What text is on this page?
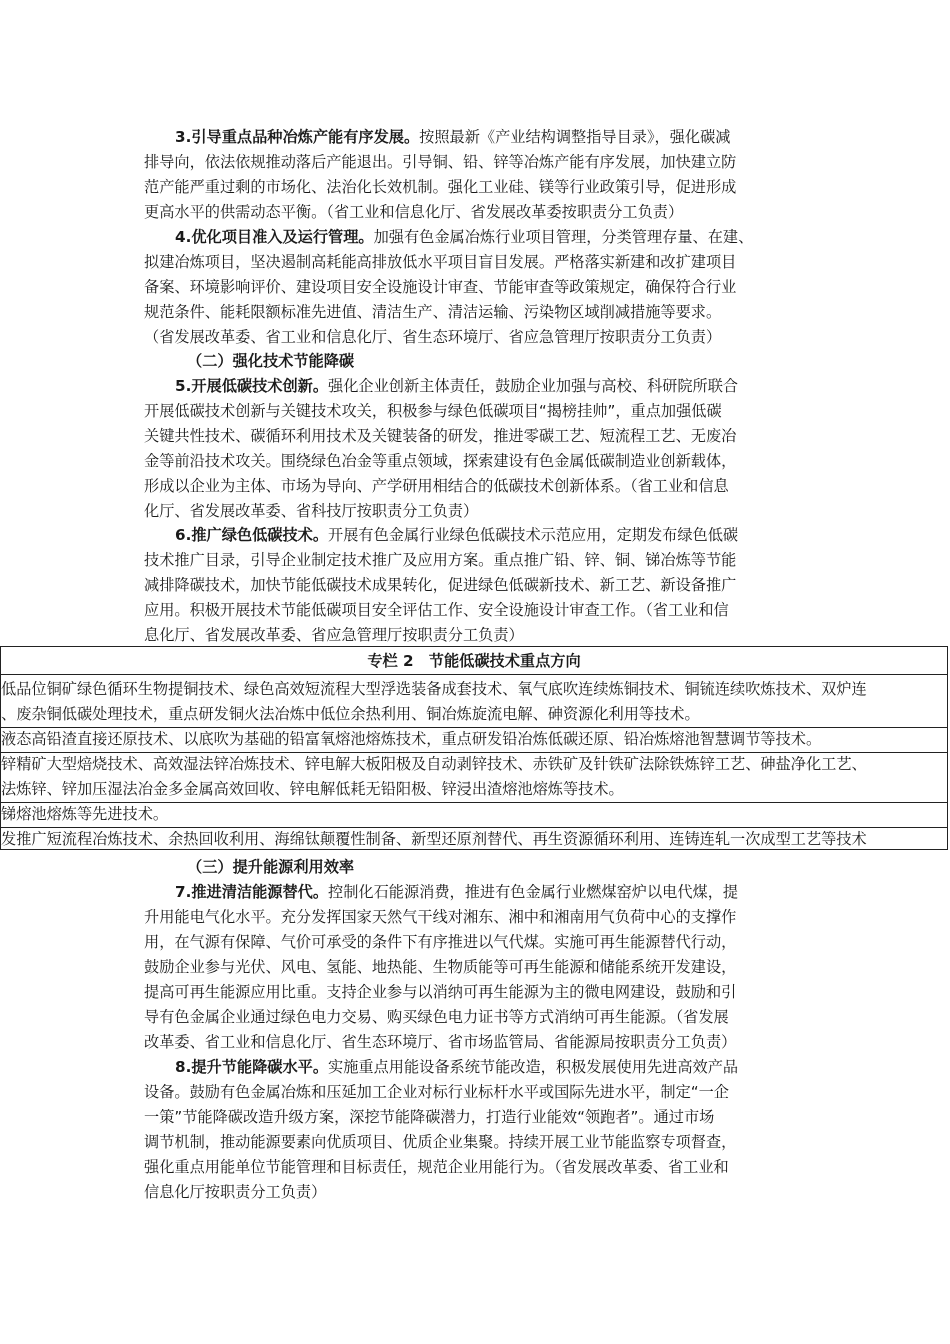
3.引导重点品种冶炼产能有序发展。按照最新《产业结构调整指导目录》，强化碳减
排导向，依法依规推动落后产能退出。引导铜、铅、锌等冶炼产能有序发展，加快建立防
范产能严重过剩的市场化、法治化长效机制。强化工业硅、镁等行业政策引导，促进形成
更高水平的供需动态平衡。（省工业和信息化厅、省发展改革委按职责分工负责）
4.优化项目准入及运行管理。加强有色金属冶炼行业项目管理，分类管理存量、在建、
拟建冶炼项目，坚决遏制高耗能高排放低水平项目盲目发展。严格落实新建和改扩建项目
备案、环境影响评价、建设项目安全设施设计审查、节能审查等政策规定，确保符合行业
规范条件、能耗限额标准先进值、清洁生产、清洁运输、污染物区域削减措施等要求。
（省发展改革委、省工业和信息化厅、省生态环境厅、省应急管理厅按职责分工负责）
（二）强化技术节能降碳
5.开展低碳技术创新。强化企业创新主体责任，鼓励企业加强与高校、科研院所联合
开展低碳技术创新与关键技术攻关，积极参与绿色低碳项目“揭榜挂帅”，重点加强低碳
关键共性技术、碳循环利用技术及关键装备的研发，推进零碳工艺、短流程工艺、无废冶
金等前沿技术攻关。围绕绿色冶金等重点领域，探索建设有色金属低碳制造业创新载体，
形成以企业为主体、市场为导向、产学研用相结合的低碳技术创新体系。（省工业和信息
化厅、省发展改革委、省科技厅按职责分工负责）
6.推广绿色低碳技术。开展有色金属行业绿色低碳技术示范应用，定期发布绿色低碳
技术推广目录，引导企业制定技术推广及应用方案。重点推广铅、锌、铜、锑冶炼等节能
减排降碳技术，加快节能低碳技术成果转化，促进绿色低碳新技术、新工艺、新设备推广
应用。积极开展技术节能低碳项目安全评估工作、安全设施设计审查工作。（省工业和信
息化厅、省发展改革委、省应急管理厅按职责分工负责）
专栏 2　节能低碳技术重点方向
低品位铜矿绿色循环生物提铜技术、绿色高效短流程大型浮选装备成套技术、氧气底吹连续炼铜技术、铜锍连续吹炼技术、双炉连
、废杂铜低碳处理技术，重点研发铜火法冶炼中低位余热利用、铜冶炼旋流电解、砷资源化利用等技术。
液态高铅渣直接还原技术、以底吹为基础的铅富氧熔池熔炼技术，重点研发铅冶炼低碳还原、铅冶炼熔池智慧调节等技术。
锌精矿大型焙烧技术、高效湿法锌冶炼技术、锌电解大板阳极及自动剥锌技术、赤铁矿及针铁矿法除铁炼锌工艺、砷盐净化工艺、
法炼锌、锌加压湿法冶金多金属高效回收、锌电解低耗无铅阳极、锌浸出渣熔池熔炼等技术。
锑熔池熔炼等先进技术。
发推广短流程冶炼技术、余热回收利用、海绵钛颠覆性制备、新型还原剂替代、再生资源循环利用、连铸连轧一次成型工艺等技术
（三）提升能源利用效率
7.推进清洁能源替代。控制化石能源消费，推进有色金属行业燃煤窑炉以电代煤，提
升用能电气化水平。充分发挥国家天然气干线对湘东、湘中和湘南用气负荷中心的支撑作
用，在气源有保障、气价可承受的条件下有序推进以气代煤。实施可再生能源替代行动，
鼓励企业参与光伏、风电、氢能、地热能、生物质能等可再生能源和储能系统开发建设，
提高可再生能源应用比重。支持企业参与以消纳可再生能源为主的微电网建设，鼓励和引
导有色金属企业通过绿色电力交易、购买绿色电力证书等方式消纳可再生能源。（省发展
改革委、省工业和信息化厅、省生态环境厅、省市场监管局、省能源局按职责分工负责）
8.提升节能降碳水平。实施重点用能设备系统节能改造，积极发展使用先进高效产品
设备。鼓励有色金属冶炼和压延加工企业对标行业标杆水平或国际先进水平，制定“一企
一策”节能降碳改造升级方案，深挖节能降碳潜力，打造行业能效“领跑者”。通过市场
调节机制，推动能源要素向优质项目、优质企业集聚。持续开展工业节能监察专项督查，
强化重点用能单位节能管理和目标责任，规范企业用能行为。（省发展改革委、省工业和
信息化厅按职责分工负责）
